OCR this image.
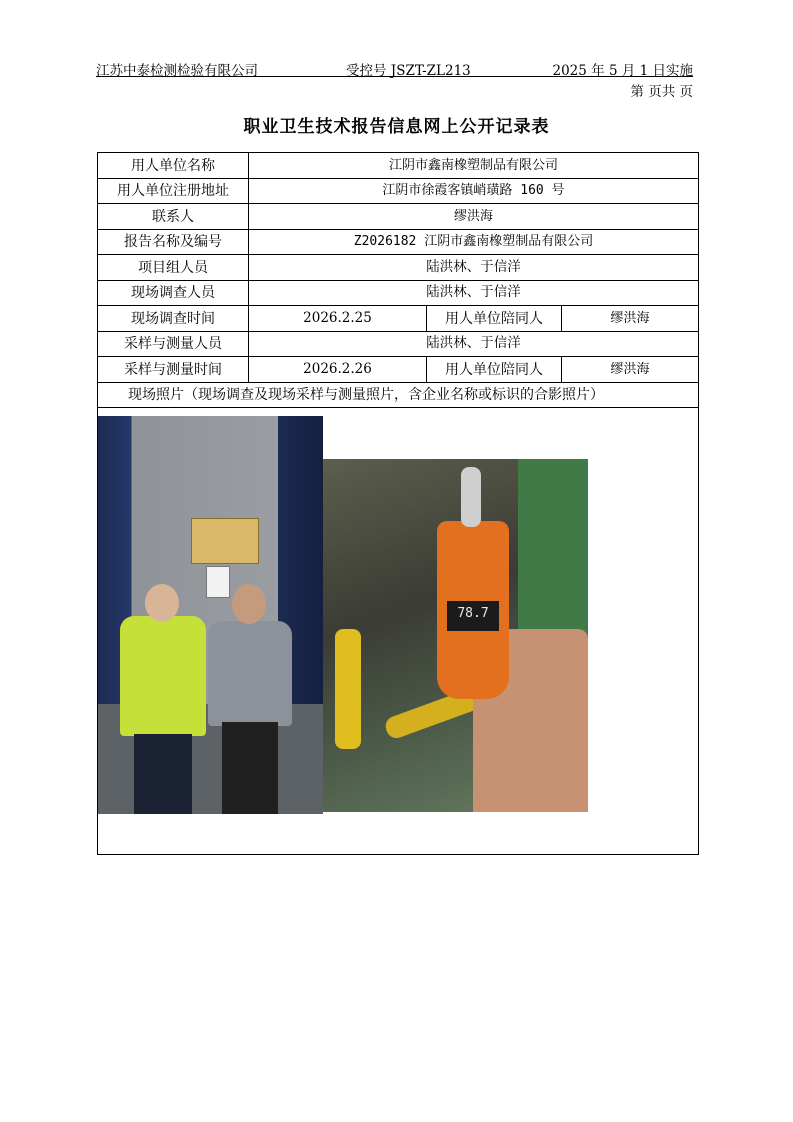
江苏中泰检测检验有限公司	受控号 JSZT-ZL213	2025 年 5 月 1 日实施
第 页共 页
职业卫生技术报告信息网上公开记录表
用人单位名称	江阴市鑫南橡塑制品有限公司		
用人单位注册地址	江阴市徐霞客镇峭璜路 160 号		
联系人	缪洪海		
报告名称及编号	Z2026182 江阴市鑫南橡塑制品有限公司		
项目组人员	陆洪林、于信洋		
现场调查人员	陆洪林、于信洋		
现场调查时间	2026.2.25	用人单位陪同人	缪洪海
采样与测量人员	陆洪林、于信洋		
采样与测量时间	2026.2.26	用人单位陪同人	缪洪海
现场照片（现场调查及现场采样与测量照片，含企业名称或标识的合影照片）			

78.7			
